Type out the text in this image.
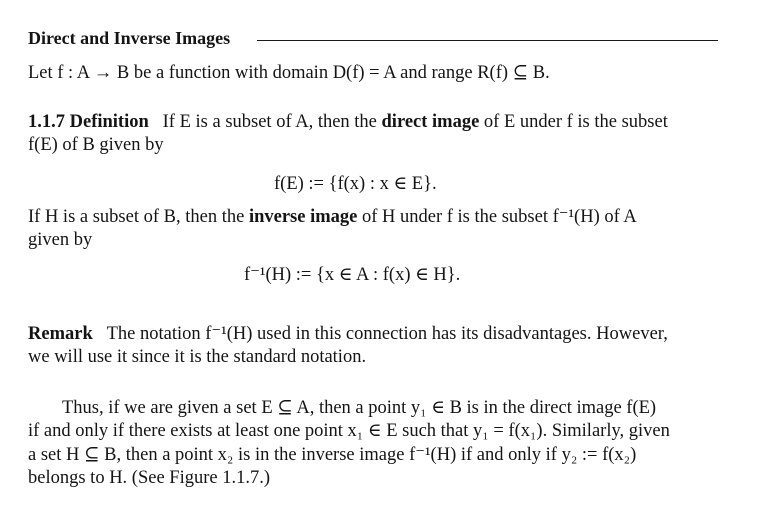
Direct and Inverse Images
Let f : A → B be a function with domain D(f) = A and range R(f) ⊆ B.
1.1.7 Definition If E is a subset of A, then the direct image of E under f is the subset
f(E) of B given by
f(E) := {f(x) : x ∈ E}.
If H is a subset of B, then the inverse image of H under f is the subset f⁻¹(H) of A
given by
f⁻¹(H) := {x ∈ A : f(x) ∈ H}.
Remark The notation f⁻¹(H) used in this connection has its disadvantages. However,
we will use it since it is the standard notation.
Thus, if we are given a set E ⊆ A, then a point y₁ ∈ B is in the direct image f(E)
if and only if there exists at least one point x₁ ∈ E such that y₁ = f(x₁). Similarly, given
a set H ⊆ B, then a point x₂ is in the inverse image f⁻¹(H) if and only if y₂ := f(x₂)
belongs to H. (See Figure 1.1.7.)
